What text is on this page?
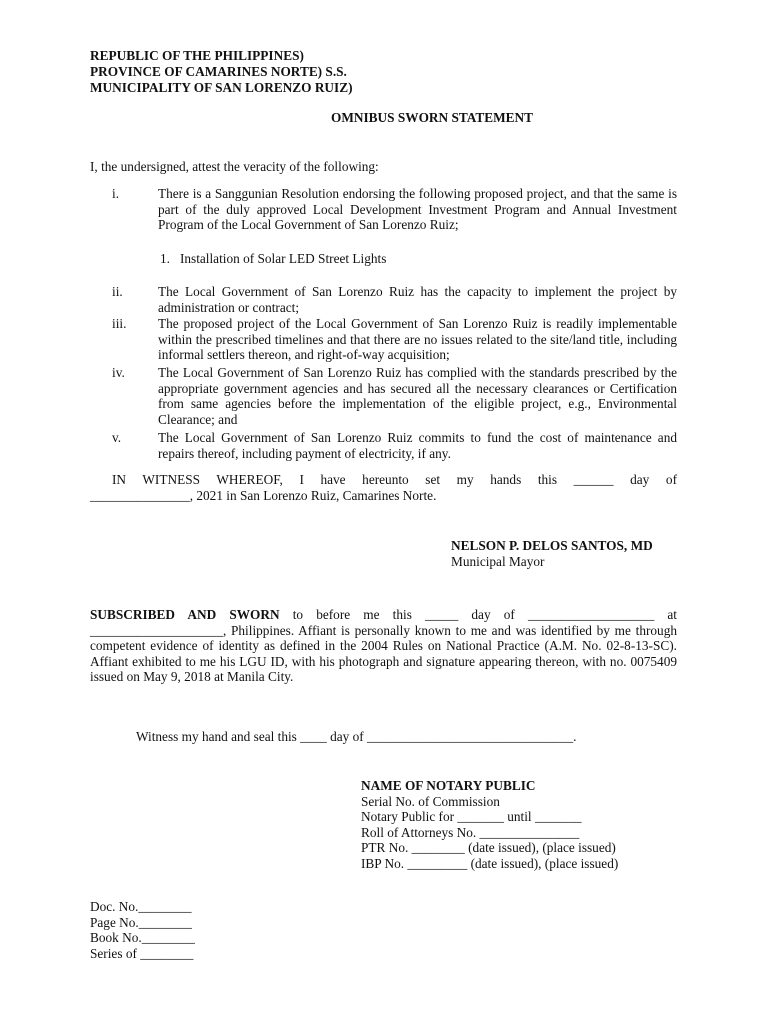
REPUBLIC OF THE PHILIPPINES)
PROVINCE OF CAMARINES NORTE) S.S.
MUNICIPALITY OF SAN LORENZO RUIZ)
OMNIBUS SWORN STATEMENT
I, the undersigned, attest the veracity of the following:
i.	There is a Sanggunian Resolution endorsing the following proposed project, and that the same is part of the duly approved Local Development Investment Program and Annual Investment Program of the Local Government of San Lorenzo Ruiz;
1.   Installation of Solar LED Street Lights
ii.	The Local Government of San Lorenzo Ruiz has the capacity to implement the project by administration or contract;
iii. The proposed project of the Local Government of San Lorenzo Ruiz is readily implementable within the prescribed timelines and that there are no issues related to the site/land title, including informal settlers thereon, and right-of-way acquisition;
iv. The Local Government of San Lorenzo Ruiz has complied with the standards prescribed by the appropriate government agencies and has secured all the necessary clearances or Certification from same agencies before the implementation of the eligible project, e.g., Environmental Clearance; and
v.	The Local Government of San Lorenzo Ruiz commits to fund the cost of maintenance and repairs thereof, including payment of electricity, if any.
IN WITNESS WHEREOF, I have hereunto set my hands this ______ day of
_______________, 2021 in San Lorenzo Ruiz, Camarines Norte.
NELSON P. DELOS SANTOS, MD
Municipal Mayor
SUBSCRIBED AND SWORN to before me this _____ day of ___________________ at ____________________, Philippines. Affiant is personally known to me and was identified by me through competent evidence of identity as defined in the 2004 Rules on National Practice (A.M. No. 02-8-13-SC). Affiant exhibited to me his LGU ID, with his photograph and signature appearing thereon, with no. 0075409 issued on May 9, 2018 at Manila City.
Witness my hand and seal this ____ day of _______________________________.
NAME OF NOTARY PUBLIC
Serial No. of Commission
Notary Public for _______ until _______
Roll of Attorneys No. _______________
PTR No. ________ (date issued), (place issued)
IBP No. _________ (date issued), (place issued)
Doc. No.________
Page No.________
Book No.________
Series of ________
